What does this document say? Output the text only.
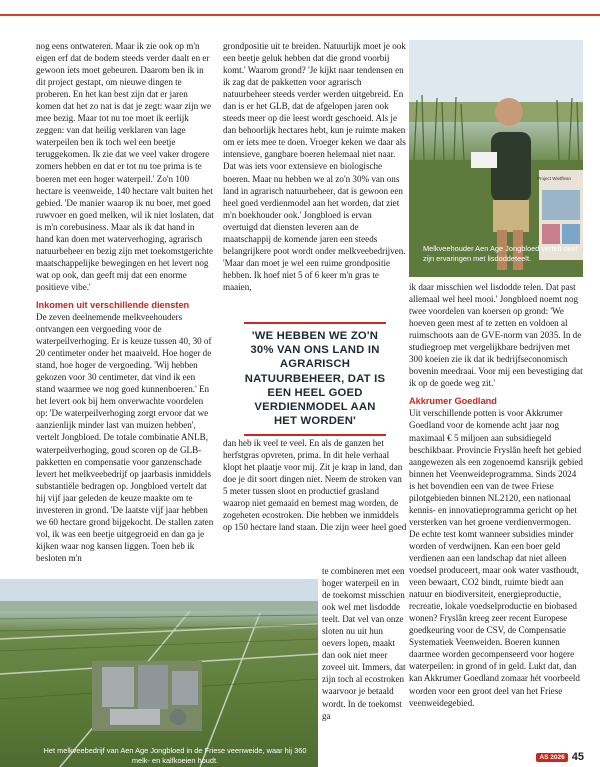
nog eens ontwateren. Maar ik zie ook op m'n eigen erf dat de bodem steeds verder daalt en er gewoon iets moet gebeuren. Daarom ben ik in dit project gestapt, om nieuwe dingen te proberen. En het kan best zijn dat er jaren komen dat het zo nat is dat je zegt: waar zijn we mee bezig. Maar tot nu toe moet ik eerlijk zeggen: van dat heilig verklaren van lage waterpeilen ben ik toch wel een beetje teruggekomen. Ik zie dat we veel vaker drogere zomers hebben en dat er tot nu toe prima is te boeren met een hoger waterpeil.' Zo'n 100 hectare is veenweide, 140 hectare valt buiten het gebied. 'De manier waarop ik nu boer, met goed ruwvoer en goed melken, wil ik niet loslaten, dat is m'n corebusiness. Maar als ik dat hand in hand kan doen met waterverhoging, agrarisch natuurbeheer en bezig zijn met toekomstgerichte maatschappelijke bewegingen en het levert nog wat op ook, dan geeft mij dat een enorme positieve vibe.'

Inkomen uit verschillende diensten

De zeven deelnemende melkveehouders ontvangen een vergoeding voor de waterpeilverhoging. Er is keuze tussen 40, 30 of 20 centimeter onder het maaiveld. Hoe hoger de stand, hoe hoger de vergoeding. 'Wij hebben gekozen voor 30 centimeter, dat vind ik een stand waarmee we nog goed kunnenboeren.' En het levert ook bij hem onverwachte voordelen op: 'De waterpeilverhoging zorgt ervoor dat we aanzienlijk minder last van muizen hebben', vertelt Jongbloed. De totale combinatie ANLB, waterpeilverhoging, goud scoren op de GLB-pakketten en compensatie voor ganzenschade levert het melkveebedrijf op jaarbasis inmiddels substantiële bedragen op. Jongbloed vertelt dat hij vijf jaar geleden de keuze maakte om te investeren in grond. 'De laatste vijf jaar hebben we 60 hectare grond bijgekocht. De stallen zaten vol, ik was een beetje uitgegroeid en dan ga je kijken waar nog kansen liggen. Toen heb ik besloten m'n

grondpositie uit te breiden. Natuurlijk moet je ook een beetje geluk hebben dat die grond voorbij komt.' Waarom grond? 'Je kijkt naar tendensen en ik zag dat de pakketten voor agrarisch natuurbeheer steeds verder werden uitgebreid. En dan is er het GLB, dat de afgelopen jaren ook steeds meer op die leest wordt geschoeid. Als je dan behoorlijk hectares hebt, kun je ruimte maken om er iets mee te doen. Vroeger keken we daar als intensieve, gangbare boeren helemaal niet naar. Dat was iets voor extensieve en biologische boeren. Maar nu hebben we al zo'n 30% van ons land in agrarisch natuurbeheer, dat is gewoon een heel goed verdienmodel aan het worden, dat ziet m'n boekhouder ook.' Jongbloed is ervan overtuigd dat diensten leveren aan de maatschappij de komende jaren een steeds belangrijkere poot wordt onder melkveebedrijven. 'Maar dan moet je wel een ruime grondpositie hebben. Ik hoef niet 5 of 6 keer m'n gras te maaien,

'WE HEBBEN WE ZO'N 30% VAN ONS LAND IN AGRARISCH NATUURBEHEER, DAT IS EEN HEEL GOED VERDIENMODEL AAN HET WORDEN'

dan heb ik veel te veel. En als de ganzen het herfstgras opvreten, prima. In dit hele verhaal klopt het plaatje voor mij. Zit je krap in land, dan doe je dit soort dingen niet. Neem de stroken van 5 meter tussen sloot en productief grasland waarop niet gemaaid en bemest mag worden, de zogeheten ecostroken. Die hebben we inmiddels op 150 hectare land staan. Die zijn weer heel goed

te combineren met een hoger waterpeil en in de toekomst misschien ook wel met lisdodde teelt. Dat vel van onze sloten nu uit hun oevers lopen, maakt dan ook niet meer zoveel uit. Immers, dat zijn toch al ecostroken waarvoor je betaald wordt. In de toekomst ga

Project Wietflean
Melkveehouder Aen Age Jongbloed vertelt over zijn ervaringen met lisdoddeteelt.
Het melkveebedrijf van Aen Age Jongbloed in de Friese veenweide, waar hij 360 melk- en kalfkoeien houdt.

ik daar misschien wel lisdodde telen. Dat past allemaal wel heel mooi.' Jongbloed noemt nog twee voordelen van koersen op grond: 'We hoeven geen mest af te zetten en voldoen al ruimschoots aan de GVE-norm van 2035. In de studiegroep met vergelijkbare bedrijven met 300 koeien zie ik dat ik bedrijfseconomisch bovenin meedraai. Voor mij een bevestiging dat ik op de goede weg zit.'

Akkrumer Goedland

Uit verschillende potten is voor Akkrumer Goedland voor de komende acht jaar nog maximaal € 5 miljoen aan subsidiegeld beschikbaar. Provincie Fryslân heeft het gebied aangewezen als een zogenoemd kansrijk gebied binnen het Veenweideprogramma. Sinds 2024 is het bovendien een van de twee Friese pilotgebieden binnen NL2120, een nationaal kennis- en innovatieprogramma gericht op het versterken van het groene verdienvermogen. De echte test komt wanneer subsidies minder worden of verdwijnen. Kan een boer geld verdienen aan een landschap dat niet alleen voedsel produceert, maar ook water vasthoudt, veen bewaart, CO2 bindt, ruimte biedt aan natuur en biodiversiteit, energieproductie, recreatie, lokale voedselproductie en biobased wonen? Fryslân kreeg zeer recent Europese goedkeuring voor de CSV, de Compensatie Systematiek Veenweiden. Boeren kunnen daarmee worden gecompenseerd voor hogere waterpeilen: in grond of in geld. Lukt dat, dan kan Akkrumer Goedland zomaar hét voorbeeld worden voor een groot deel van het Friese veenweidegebied.

AS 2026 45
